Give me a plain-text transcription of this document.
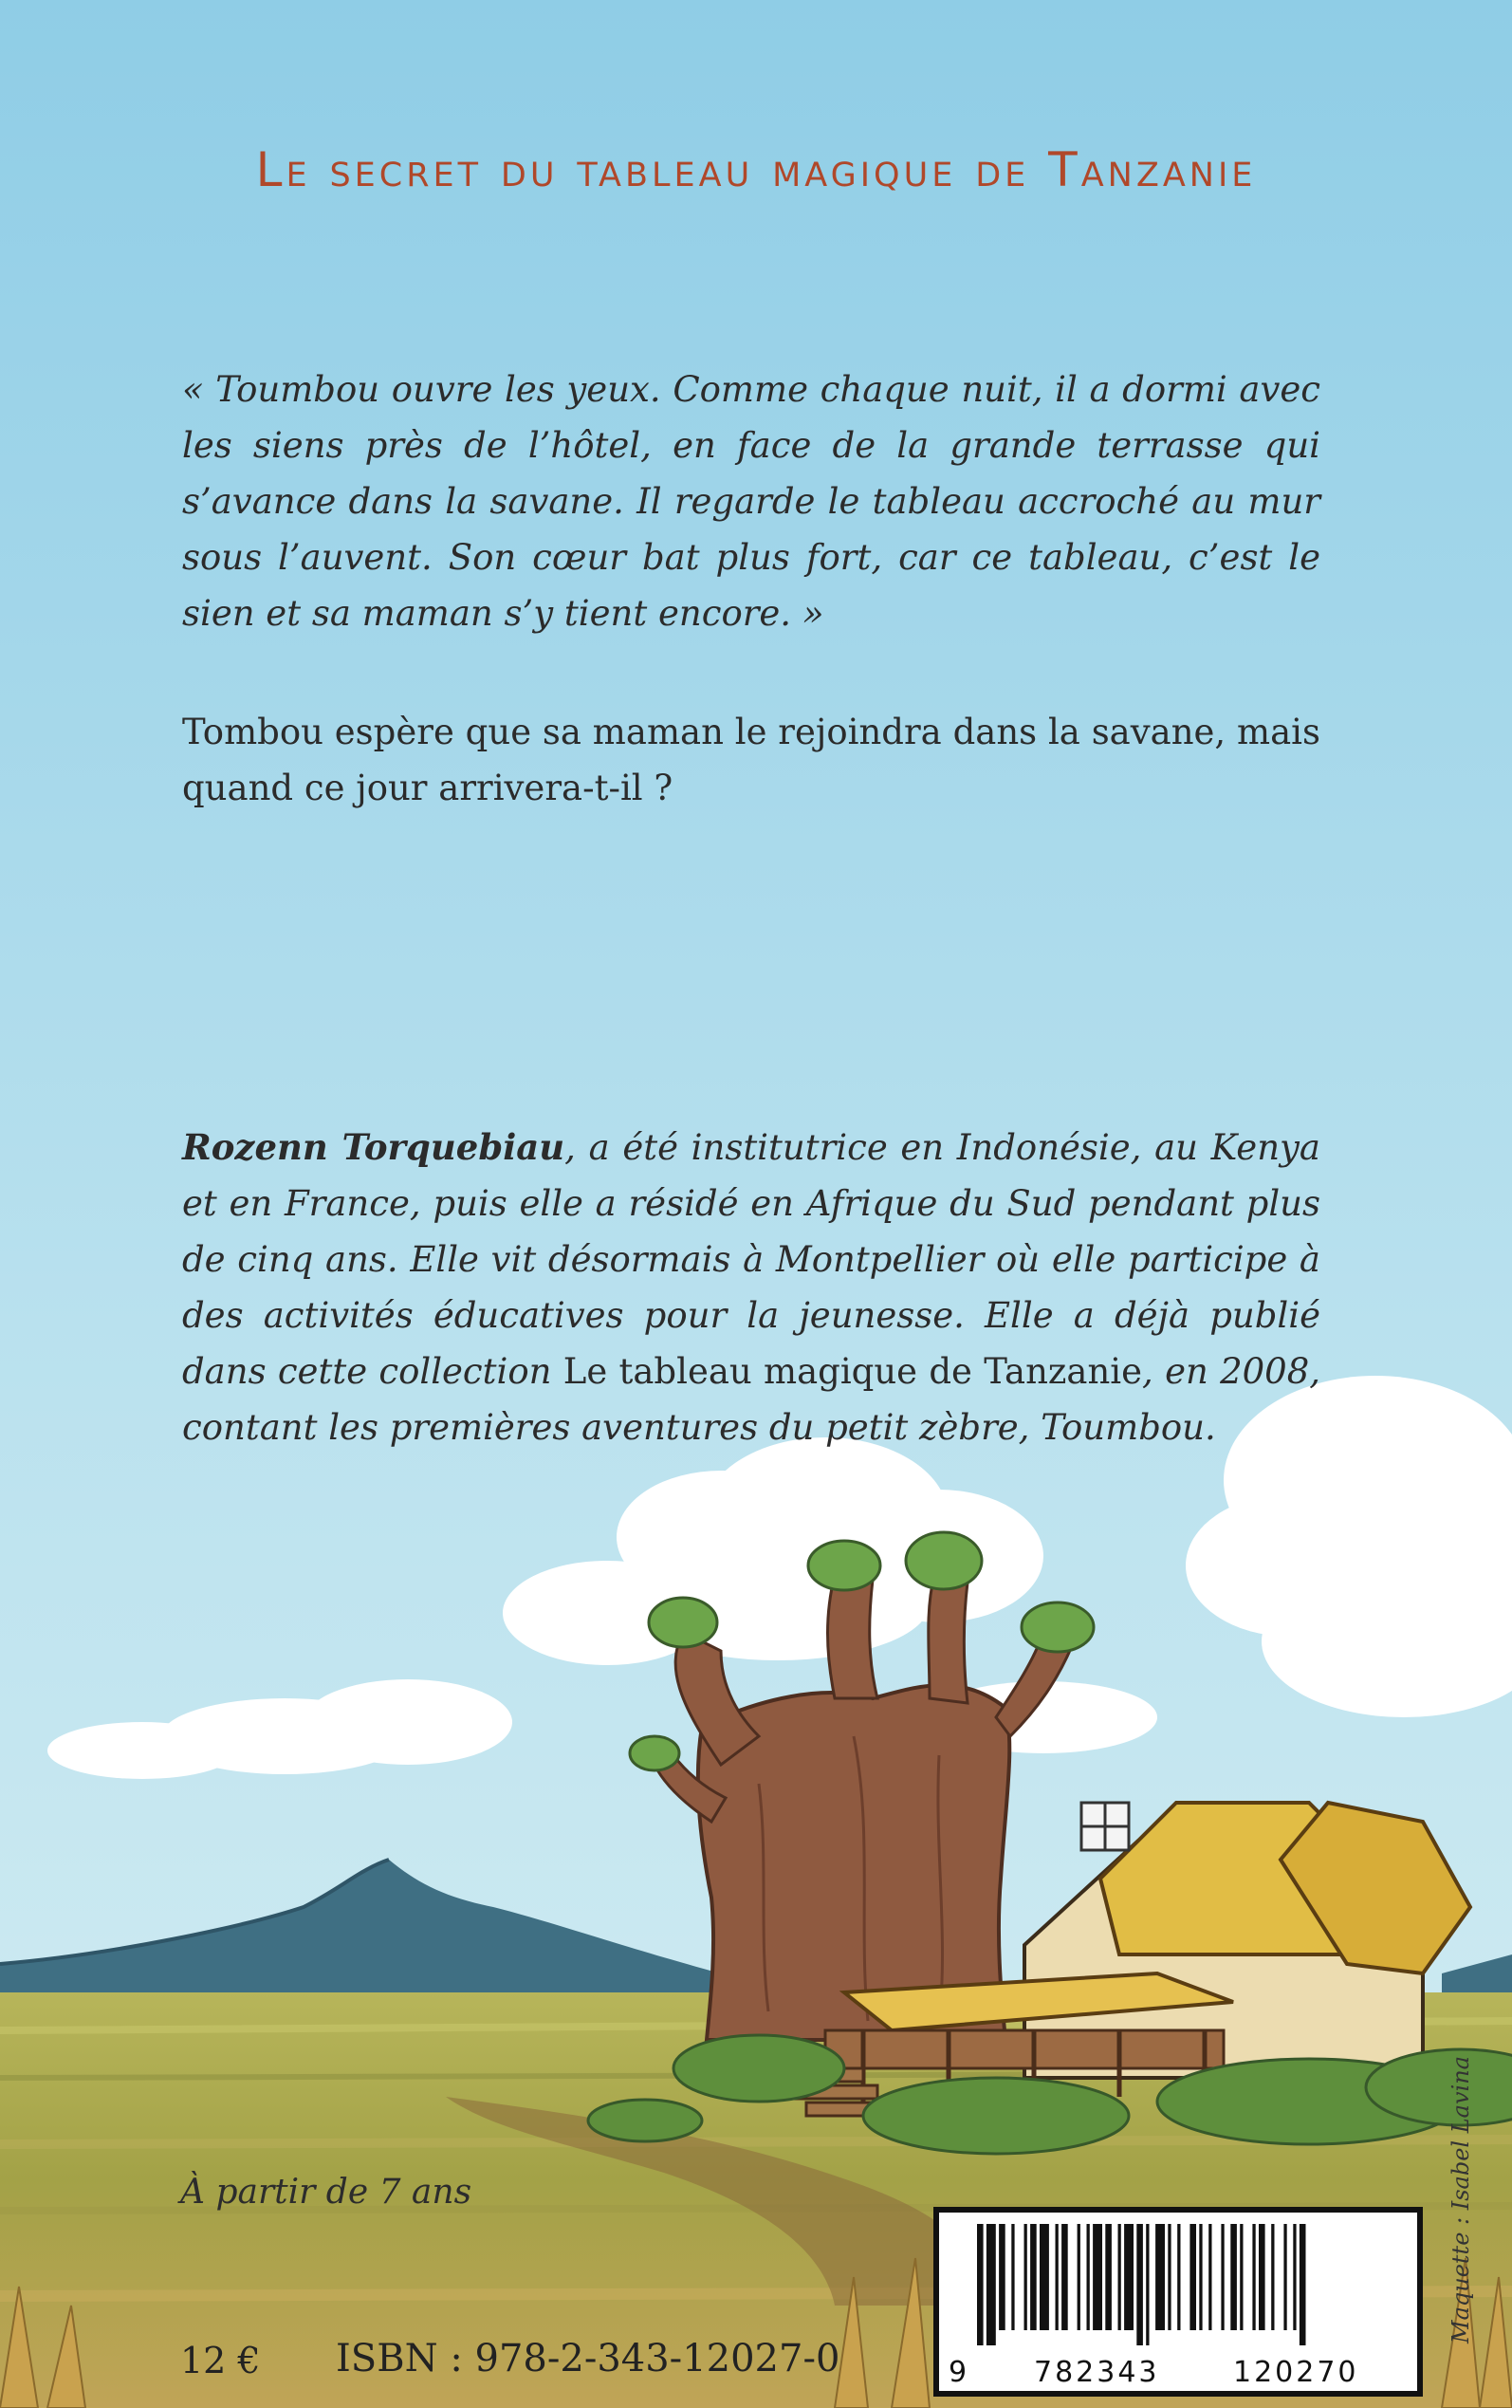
Le secret du tableau magique de Tanzanie
« Toumbou ouvre les yeux. Comme chaque nuit, il a dormi avec les siens près de l’hôtel, en face de la grande terrasse qui s’avance dans la savane. Il regarde le tableau accroché au mur sous l’auvent. Son cœur bat plus fort, car ce tableau, c’est le sien et sa maman s’y tient encore. »
Tombou espère que sa maman le rejoindra dans la savane, mais quand ce jour arrivera-t-il ?
Rozenn Torquebiau, a été institutrice en Indonésie, au Kenya et en France, puis elle a résidé en Afrique du Sud pendant plus de cinq ans. Elle vit désormais à Montpellier où elle participe à des activités éducatives pour la jeunesse. Elle a déjà publié dans cette collection Le tableau magique de Tanzanie, en 2008, contant les premières aventures du petit zèbre, Toumbou.
À partir de 7 ans
12 € ISBN : 978-2-343-12027-0	9 782343	120270
Maquette : Isabel Lavina
